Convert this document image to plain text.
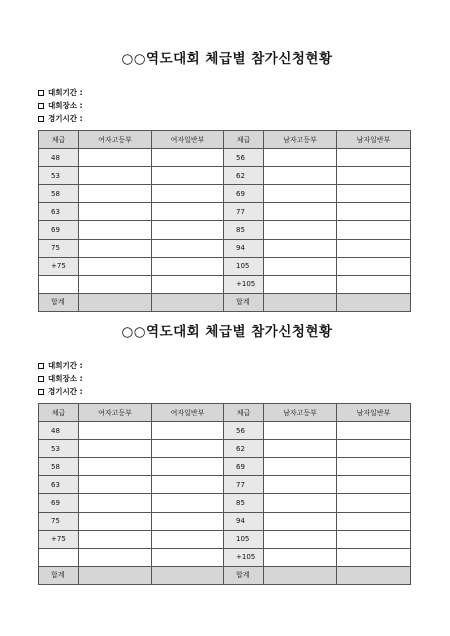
○○역도대회 체급별 참가신청현황
대회기간 :
대회장소 :
경기시간 :
체급	여자고등부	여자일반부	체급	남자고등부	남자일반부
48			56		
53			62		
58			69		
63			77		
69			85		
75			94		
+75			105		
			+105		
합계			합계		
○○역도대회 체급별 참가신청현황
대회기간 :
대회장소 :
경기시간 :
체급	여자고등부	여자일반부	체급	남자고등부	남자일반부
48			56		
53			62		
58			69		
63			77		
69			85		
75			94		
+75			105		
			+105		
합계			합계		
